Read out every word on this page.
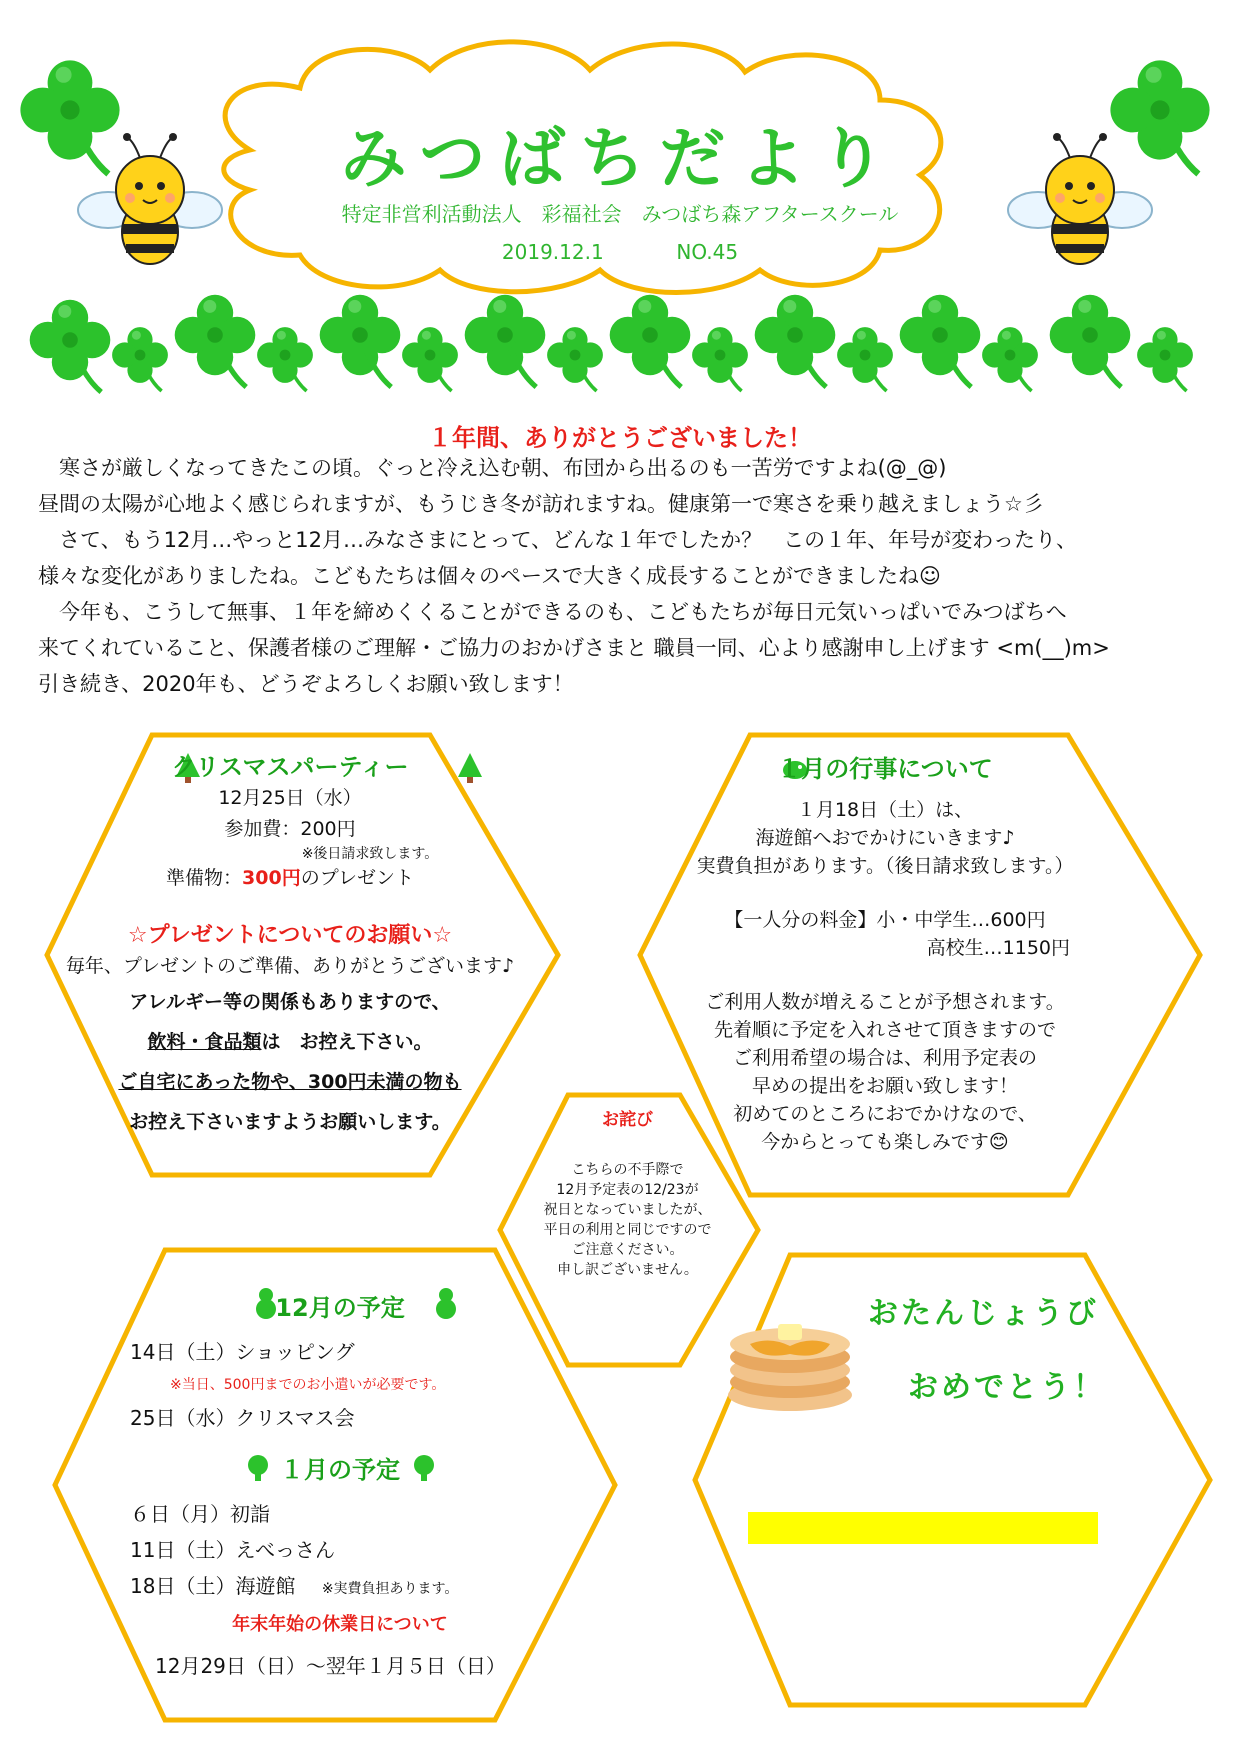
みつばちだより
特定非営利活動法人　彩福社会　みつばち森アフタースクール
2019.12.1	NO.45
１年間、ありがとうございました！

　寒さが厳しくなってきたこの頃。ぐっと冷え込む朝、布団から出るのも一苦労ですよね(@_@)

昼間の太陽が心地よく感じられますが、もうじき冬が訪れますね。健康第一で寒さを乗り越えましょう☆彡

　さて、もう12月…やっと12月…みなさまにとって、どんな１年でしたか？　この１年、年号が変わったり、

様々な変化がありましたね。こどもたちは個々のペースで大きく成長することができましたね☺

　今年も、こうして無事、１年を締めくくることができるのも、こどもたちが毎日元気いっぱいでみつばちへ

来てくれていること、保護者様のご理解・ご協力のおかげさまと 職員一同、心より感謝申し上げます <m(__)m>

引き続き、2020年も、どうぞよろしくお願い致します！

クリスマスパーティー
12月25日（水）
参加費：200円
※後日請求致します。
準備物：300円のプレゼント
☆プレゼントについてのお願い☆
毎年、プレゼントのご準備、ありがとうございます♪
アレルギー等の関係もありますので、
飲料・食品類は　お控え下さい。
ご自宅にあった物や、300円未満の物も
お控え下さいますようお願いします。
１月の行事について
１月18日（土）は、
海遊館へおでかけにいきます♪
実費負担があります。（後日請求致します。）
【一人分の料金】小・中学生…600円
高校生…1150円
ご利用人数が増えることが予想されます。
先着順に予定を入れさせて頂きますので
ご利用希望の場合は、利用予定表の
早めの提出をお願い致します！
初めてのところにおでかけなので、
今からとっても楽しみです😊
お詫び
こちらの不手際で
12月予定表の12/23が
祝日となっていましたが、
平日の利用と同じですので
ご注意ください。
申し訳ございません。
12月の予定
14日（土）ショッピング
※当日、500円までのお小遣いが必要です。
25日（水）クリスマス会
１月の予定
６日（月）初詣
11日（土）えべっさん
18日（土）海遊館 ※実費負担あります。
年末年始の休業日について
12月29日（日）～翌年１月５日（日）
おたんじょうび
おめでとう！
